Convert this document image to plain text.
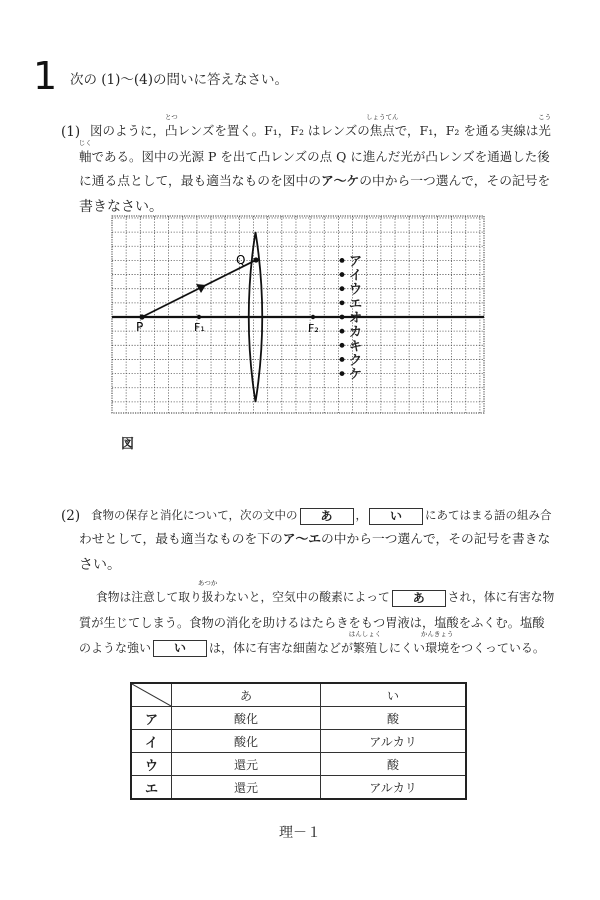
1 次の (1)～(4)の問いに答えなさい。
(1) 図のように，凸
とつ
レンズを置く。F₁，F₂ はレンズの焦点
しょうてん
で，F₁，F₂ を通る実線は光
こう
軸
じく
である。図中の光源 P を出て凸レンズの点 Q に進んだ光が凸レンズを通過した後
に通る点として，最も適当なものを図中のア～ケの中から一つ選んで，その記号を
書きなさい。
P
Q
F₁	F₂
ア
イ
ウ
エ
オ
カ
キ
ク
ケ
図
(2) 食物の保存と消化について，次の文中の あ ， い にあてはまる語の組み合
わせとして，最も適当なものを下のア～エの中から一つ選んで，その記号を書きな
さい。
食物は注意して取り扱
あつか
わないと，空気中の酸素によって あ され，体に有害な物
質が生じてしまう。食物の消化を助けるはたらきをもつ胃液は，塩酸をふくむ。塩酸
のような強い い は，体に有害な細菌などが繁殖
はんしょく
しにくい環境
かんきょう
をつくっている。
	あ	い
ア	酸化	酸
イ	酸化	アルカリ
ウ	還元	酸
エ	還元	アルカリ
理－１
